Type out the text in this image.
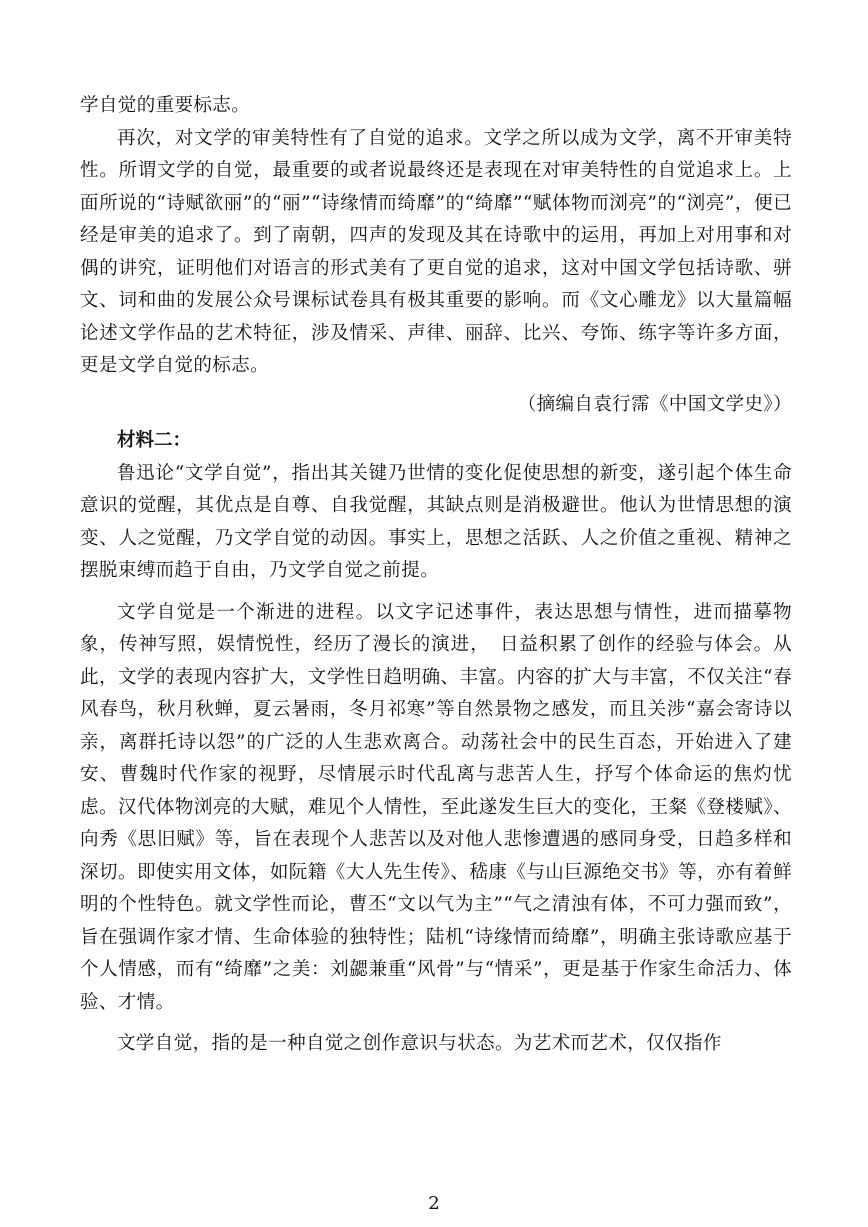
学自觉的重要标志。

再次，对文学的审美特性有了自觉的追求。文学之所以成为文学，离不开审美特性。所谓文学的自觉，最重要的或者说最终还是表现在对审美特性的自觉追求上。上面所说的“诗赋欲丽”的“丽”“诗缘情而绮靡”的“绮靡”“赋体物而浏亮”的“浏亮”，便已经是审美的追求了。到了南朝，四声的发现及其在诗歌中的运用，再加上对用事和对偶的讲究，证明他们对语言的形式美有了更自觉的追求，这对中国文学包括诗歌、骈文、词和曲的发展公众号课标试卷具有极其重要的影响。而《文心雕龙》以大量篇幅论述文学作品的艺术特征，涉及情采、声律、丽辞、比兴、夸饰、练字等许多方面，更是文学自觉的标志。

（摘编自袁行霈《中国文学史》）

材料二：

鲁迅论“文学自觉”，指出其关键乃世情的变化促使思想的新变，遂引起个体生命意识的觉醒，其优点是自尊、自我觉醒，其缺点则是消极避世。他认为世情思想的演变、人之觉醒，乃文学自觉的动因。事实上，思想之活跃、人之价值之重视、精神之摆脱束缚而趋于自由，乃文学自觉之前提。

文学自觉是一个渐进的进程。以文字记述事件，表达思想与情性，进而描摹物象，传神写照，娱情悦性，经历了漫长的演进，　日益积累了创作的经验与体会。从此，文学的表现内容扩大，文学性日趋明确、丰富。内容的扩大与丰富，不仅关注“春风春鸟，秋月秋蝉，夏云暑雨，冬月祁寒”等自然景物之感发，而且关涉“嘉会寄诗以亲，离群托诗以怨”的广泛的人生悲欢离合。动荡社会中的民生百态，开始进入了建安、曹魏时代作家的视野，尽情展示时代乱离与悲苦人生，抒写个体命运的焦灼忧虑。汉代体物浏亮的大赋，难见个人情性，至此遂发生巨大的变化，王粲《登楼赋》、向秀《思旧赋》等，旨在表现个人悲苦以及对他人悲惨遭遇的感同身受，日趋多样和深切。即使实用文体，如阮籍《大人先生传》、嵇康《与山巨源绝交书》等，亦有着鲜明的个性特色。就文学性而论，曹丕“文以气为主”“气之清浊有体，不可力强而致”，旨在强调作家才情、生命体验的独特性；陆机“诗缘情而绮靡”，明确主张诗歌应基于个人情感，而有“绮靡”之美：刘勰兼重“风骨”与“情采”，更是基于作家生命活力、体验、才情。

文学自觉，指的是一种自觉之创作意识与状态。为艺术而艺术，仅仅指作

2
